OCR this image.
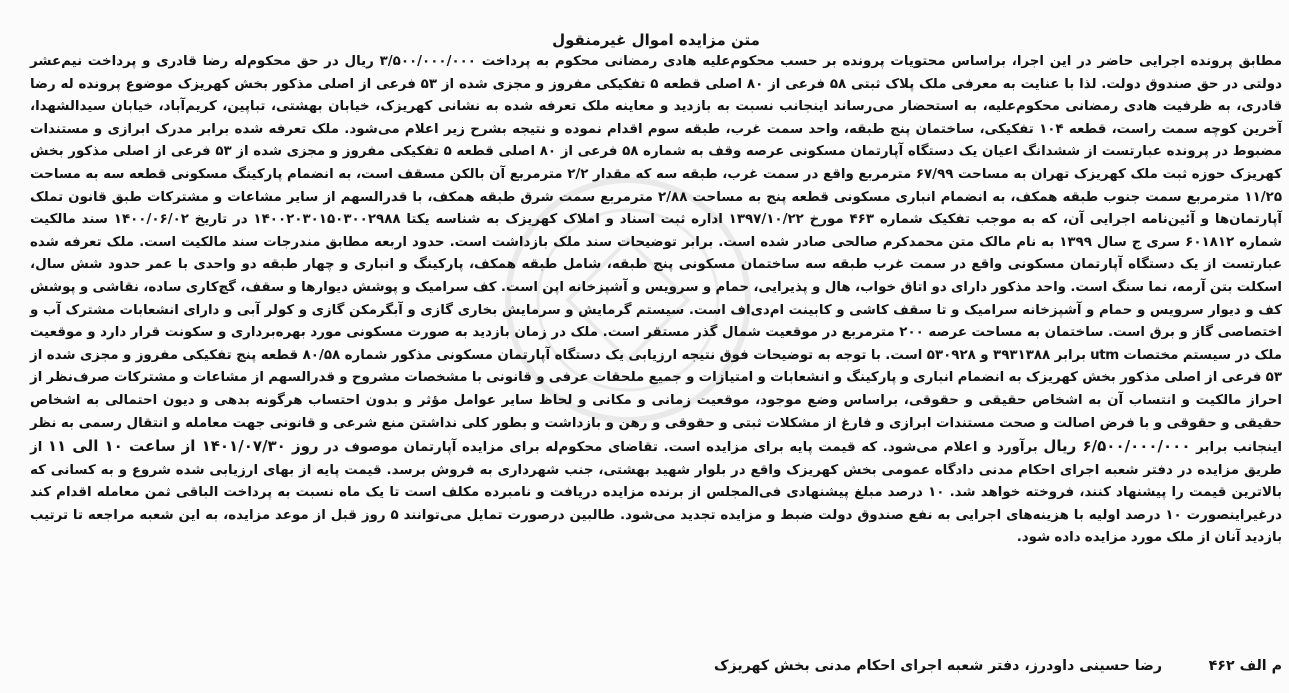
متن مزایده اموال غیرمنقول

مطابق پرونده اجرایی حاضر در این اجرا، براساس محتویات پرونده بر حسب محکوم‌علیه هادی رمضانی محکوم به پرداخت ۳/۵۰۰/۰۰۰/۰۰۰ ریال در حق محکوم‌له رضا قادری و پرداخت نیم‌عشر دولتی در حق صندوق دولت. لذا با عنایت به معرفی ملک پلاک ثبتی ۵۸ فرعی از ۸۰ اصلی قطعه ۵ تفکیکی مفروز و مجزی شده از ۵۳ فرعی از اصلی مذکور بخش کهریزک موضوع پرونده له رضا قادری، به ظرفیت هادی رمضانی محکوم‌علیه، به استحضار می‌رساند اینجانب نسبت به بازدید و معاینه ملک تعرفه شده به نشانی کهریزک، خیابان بهشتی، تباپین، کریم‌آباد، خیابان سیدالشهدا، آخرین کوچه سمت راست، قطعه ۱۰۴ تفکیکی، ساختمان پنج طبقه، واحد سمت غرب، طبقه سوم اقدام نموده و نتیجه بشرح زیر اعلام می‌شود. ملک تعرفه شده برابر مدرک ابرازی و مستندات مضبوط در پرونده عبارتست از ششدانگ اعیان یک دستگاه آپارتمان مسکونی عرصه وقف به شماره ۵۸ فرعی از ۸۰ اصلی قطعه ۵ تفکیکی مفروز و مجزی شده از ۵۳ فرعی از اصلی مذکور بخش کهریزک حوزه ثبت ملک کهریزک تهران به مساحت ۶۷/۹۹ مترمربع واقع در سمت غرب، طبقه سه که مقدار ۲/۲ مترمربع آن بالکن مسقف است، به انضمام پارکینگ مسکونی قطعه سه به مساحت ۱۱/۲۵ مترمربع سمت جنوب طبقه همکف، به انضمام انباری مسکونی قطعه پنج به مساحت ۲/۸۸ مترمربع سمت شرق طبقه همکف، با قدرالسهم از سایر مشاعات و مشترکات طبق قانون تملک آپارتمان‌ها و آئین‌نامه اجرایی آن، که به موجب تفکیک شماره ۴۶۳ مورخ ۱۳۹۷/۱۰/۲۲ اداره ثبت اسناد و املاک کهریزک به شناسه یکتا ۱۴۰۰۲۰۳۰۱۵۰۳۰۰۲۹۸۸ در تاریخ ۱۴۰۰/۰۶/۰۲ سند مالکیت شماره ۶۰۱۸۱۲ سری ج سال ۱۳۹۹ به نام مالک متن محمدکرم صالحی صادر شده است. برابر توضیحات سند ملک بازداشت است. حدود اربعه مطابق مندرجات سند مالکیت است. ملک تعرفه شده عبارتست از یک دستگاه آپارتمان مسکونی واقع در سمت غرب طبقه سه ساختمان مسکونی پنج طبقه، شامل طبقه همکف، پارکینگ و انباری و چهار طبقه دو واحدی با عمر حدود شش سال، اسکلت بتن آرمه، نما سنگ است. واحد مذکور دارای دو اتاق خواب، هال و پذیرایی، حمام و سرویس و آشپزخانه اپن است. کف سرامیک و پوشش دیوارها و سقف، گچ‌کاری ساده، نقاشی و پوشش کف و دیوار سرویس و حمام و آشپزخانه سرامیک و تا سقف کاشی و کابینت ام‌دی‌اف است. سیستم گرمایش و سرمایش بخاری گازی و آبگرمکن گازی و کولر آبی و دارای انشعابات مشترک آب و اختصاصی گاز و برق است. ساختمان به مساحت عرصه ۲۰۰ مترمربع در موقعیت شمال گذر مستقر است. ملک در زمان بازدید به صورت مسکونی مورد بهره‌برداری و سکونت قرار دارد و موقعیت ملک در سیستم مختصات utm برابر ۳۹۳۱۳۸۸ و ۵۳۰۹۲۸ است. با توجه به توضیحات فوق نتیجه ارزیابی یک دستگاه آپارتمان مسکونی مذکور شماره ۸۰/۵۸ قطعه پنج تفکیکی مفروز و مجزی شده از ۵۳ فرعی از اصلی مذکور بخش کهریزک به انضمام انباری و پارکینگ و انشعابات و امتیازات و جمیع ملحقات عرفی و قانونی با مشخصات مشروح و قدرالسهم از مشاعات و مشترکات صرف‌نظر از احراز مالکیت و انتساب آن به اشخاص حقیقی و حقوقی، براساس وضع موجود، موقعیت زمانی و مکانی و لحاظ سایر عوامل مؤثر و بدون احتساب هرگونه بدهی و دیون احتمالی به اشخاص حقیقی و حقوقی و با فرض اصالت و صحت مستندات ابرازی و فارغ از مشکلات ثبتی و حقوقی و رهن و بازداشت و بطور کلی نداشتن منع شرعی و قانونی جهت معامله و انتقال رسمی به نظر اینجانب برابر ۶/۵۰۰/۰۰۰/۰۰۰ ریال برآورد و اعلام می‌شود. که قیمت پایه برای مزایده است. تقاضای محکوم‌له برای مزایده آپارتمان موصوف در روز ۱۴۰۱/۰۷/۳۰ از ساعت ۱۰ الی ۱۱ از طریق مزایده در دفتر شعبه اجرای احکام مدنی دادگاه عمومی بخش کهریزک واقع در بلوار شهید بهشتی، جنب شهرداری به فروش برسد. قیمت پایه از بهای ارزیابی شده شروع و به کسانی که بالاترین قیمت را پیشنهاد کنند، فروخته خواهد شد. ۱۰ درصد مبلغ پیشنهادی فی‌المجلس از برنده مزایده دریافت و نامبرده مکلف است تا یک ماه نسبت به پرداخت الباقی ثمن معامله اقدام کند درغیراینصورت ۱۰ درصد اولیه با هزینه‌های اجرایی به نفع صندوق دولت ضبط و مزایده تجدید می‌شود. طالبین درصورت تمایل می‌توانند ۵ روز قبل از موعد مزایده، به این شعبه مراجعه تا ترتیب بازدید آنان از ملک مورد مزایده داده شود.

م الف ۴۶۲
رضا حسینی داودرز، دفتر شعبه اجرای احکام مدنی بخش کهریزک
